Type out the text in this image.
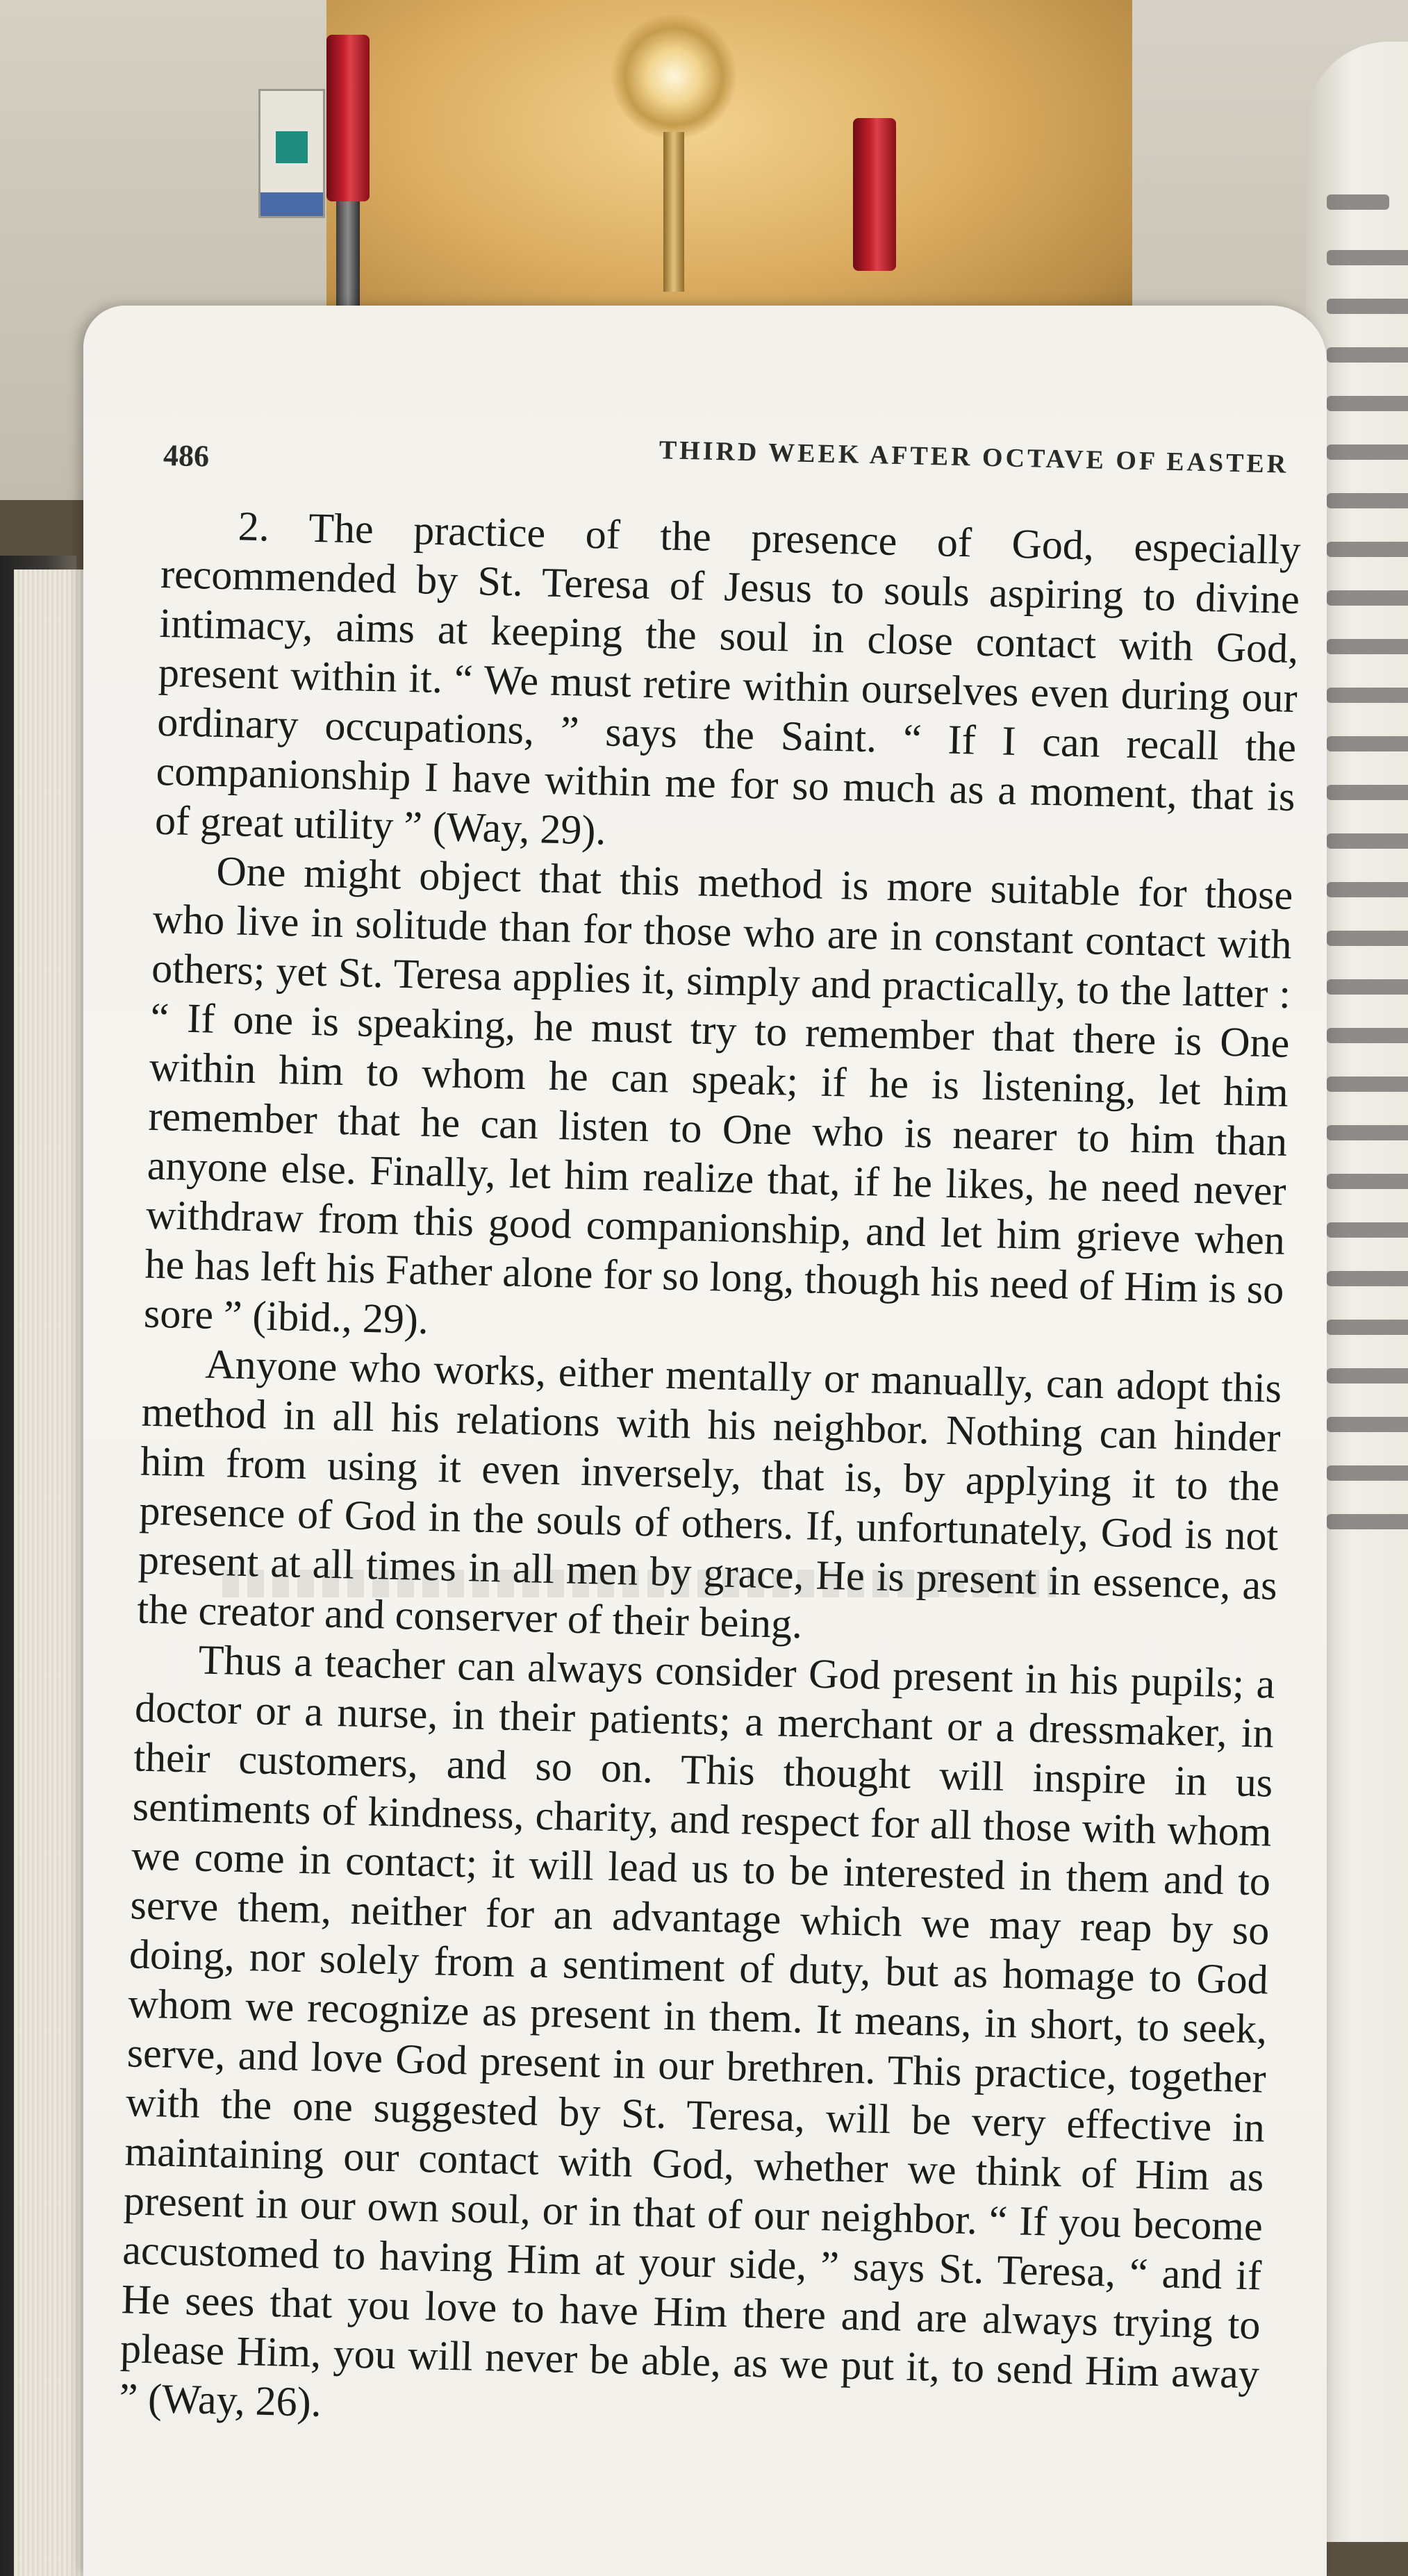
486	THIRD WEEK AFTER OCTAVE OF EASTER

2. The practice of the presence of God, especially recommended by St. Teresa of Jesus to souls aspiring to divine intimacy, aims at keeping the soul in close contact with God, present within it. “ We must retire within ourselves even during our ordinary occupations, ” says the Saint. “ If I can recall the companionship I have within me for so much as a moment, that is of great utility ” (Way, 29).

One might object that this method is more suitable for those who live in solitude than for those who are in constant contact with others; yet St. Teresa applies it, simply and practically, to the latter : “ If one is speaking, he must try to remember that there is One within him to whom he can speak; if he is listening, let him remember that he can listen to One who is nearer to him than anyone else. Finally, let him realize that, if he likes, he need never withdraw from this good companionship, and let him grieve when he has left his Father alone for so long, though his need of Him is so sore ” (ibid., 29).

Anyone who works, either mentally or manually, can adopt this method in all his relations with his neighbor. Nothing can hinder him from using it even inversely, that is, by applying it to the presence of God in the souls of others. If, unfortunately, God is not present at all times in all men by grace, He is present in essence, as the creator and conserver of their being.

Thus a teacher can always consider God present in his pupils; a doctor or a nurse, in their patients; a merchant or a dressmaker, in their customers, and so on. This thought will inspire in us sentiments of kindness, charity, and respect for all those with whom we come in contact; it will lead us to be interested in them and to serve them, neither for an advantage which we may reap by so doing, nor solely from a sentiment of duty, but as homage to God whom we recognize as present in them. It means, in short, to seek, serve, and love God present in our brethren. This practice, together with the one suggested by St. Teresa, will be very effective in maintaining our contact with God, whether we think of Him as present in our own soul, or in that of our neighbor. “ If you become accustomed to having Him at your side, ” says St. Teresa, “ and if He sees that you love to have Him there and are always trying to please Him, you will never be able, as we put it, to send Him away ” (Way, 26).
